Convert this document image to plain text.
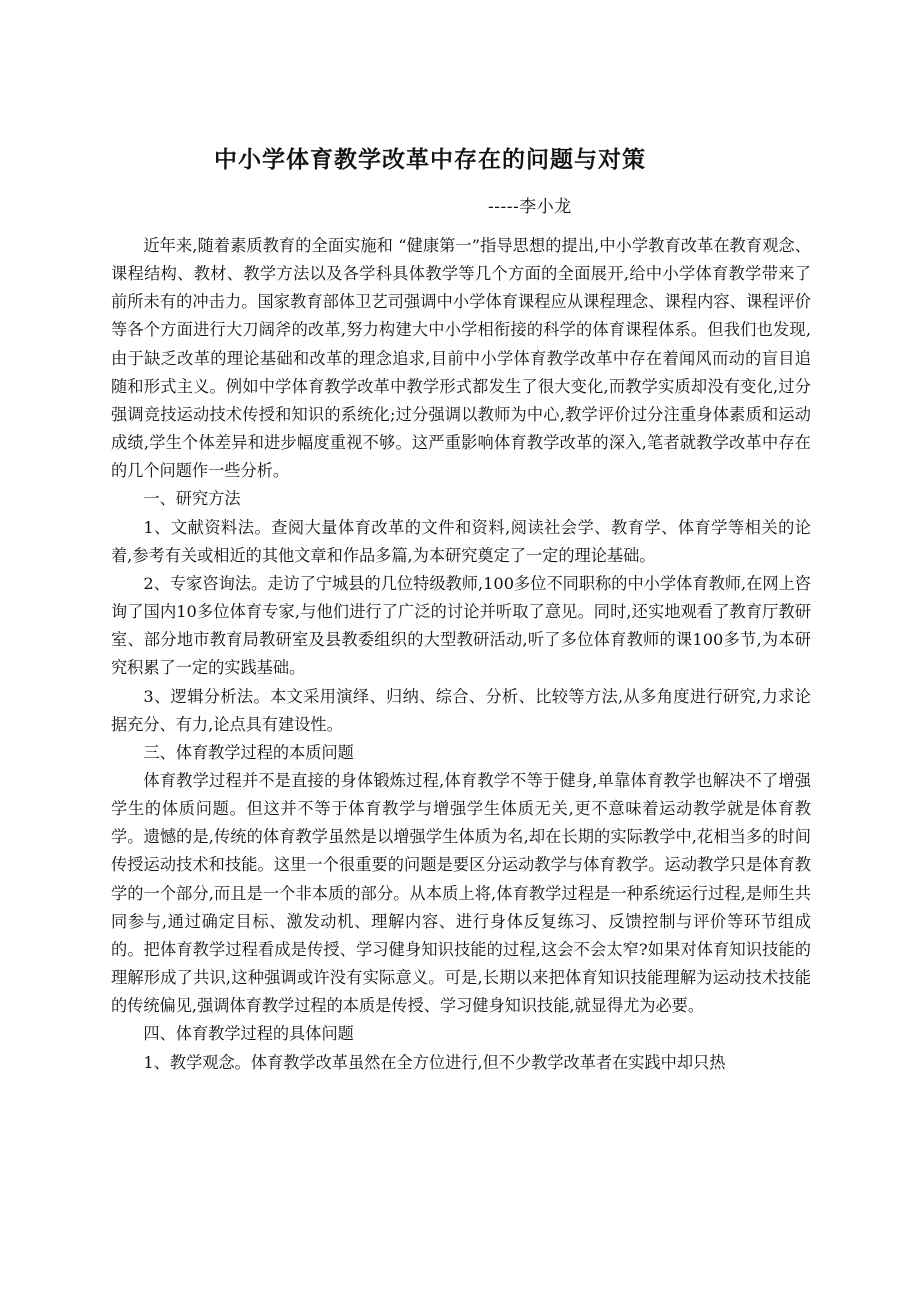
中小学体育教学改革中存在的问题与对策

-----李小龙

近年来,随着素质教育的全面实施和 “健康第一”指导思想的提出,中小学教育改革在教育观念、课程结构、教材、教学方法以及各学科具体教学等几个方面的全面展开,给中小学体育教学带来了前所未有的冲击力。国家教育部体卫艺司强调中小学体育课程应从课程理念、课程内容、课程评价等各个方面进行大刀阔斧的改革,努力构建大中小学相衔接的科学的体育课程体系。但我们也发现,由于缺乏改革的理论基础和改革的理念追求,目前中小学体育教学改革中存在着闻风而动的盲目追随和形式主义。例如中学体育教学改革中教学形式都发生了很大变化,而教学实质却没有变化,过分强调竞技运动技术传授和知识的系统化;过分强调以教师为中心,教学评价过分注重身体素质和运动成绩,学生个体差异和进步幅度重视不够。这严重影响体育教学改革的深入,笔者就教学改革中存在的几个问题作一些分析。

一、研究方法

1、文献资料法。查阅大量体育改革的文件和资料,阅读社会学、教育学、体育学等相关的论着,参考有关或相近的其他文章和作品多篇,为本研究奠定了一定的理论基础。

2、专家咨询法。走访了宁城县的几位特级教师,100多位不同职称的中小学体育教师,在网上咨询了国内10多位体育专家,与他们进行了广泛的讨论并听取了意见。同时,还实地观看了教育厅教研室、部分地市教育局教研室及县教委组织的大型教研活动,听了多位体育教师的课100多节,为本研究积累了一定的实践基础。

3、逻辑分析法。本文采用演绎、归纳、综合、分析、比较等方法,从多角度进行研究,力求论据充分、有力,论点具有建设性。

三、体育教学过程的本质问题

体育教学过程并不是直接的身体锻炼过程,体育教学不等于健身,单靠体育教学也解决不了增强学生的体质问题。但这并不等于体育教学与增强学生体质无关,更不意味着运动教学就是体育教学。遗憾的是,传统的体育教学虽然是以增强学生体质为名,却在长期的实际教学中,花相当多的时间传授运动技术和技能。这里一个很重要的问题是要区分运动教学与体育教学。运动教学只是体育教学的一个部分,而且是一个非本质的部分。从本质上将,体育教学过程是一种系统运行过程,是师生共同参与,通过确定目标、激发动机、理解内容、进行身体反复练习、反馈控制与评价等环节组成的。把体育教学过程看成是传授、学习健身知识技能的过程,这会不会太窄?如果对体育知识技能的理解形成了共识,这种强调或许没有实际意义。可是,长期以来把体育知识技能理解为运动技术技能的传统偏见,强调体育教学过程的本质是传授、学习健身知识技能,就显得尤为必要。

四、体育教学过程的具体问题

1、教学观念。体育教学改革虽然在全方位进行,但不少教学改革者在实践中却只热
